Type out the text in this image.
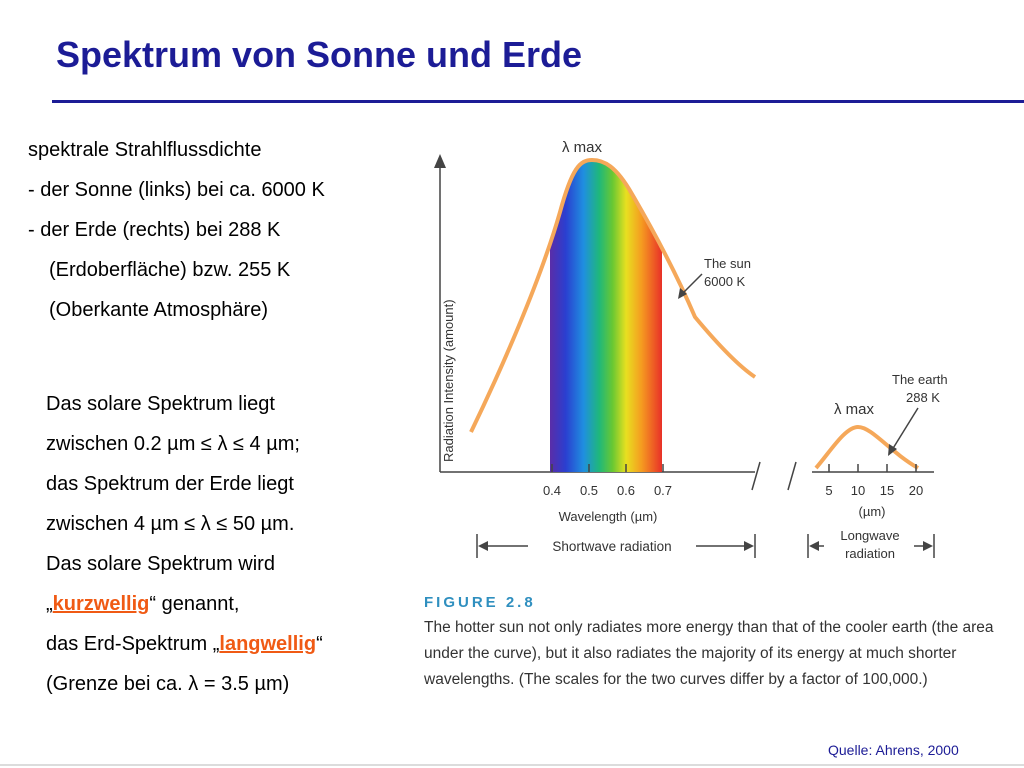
Spektrum von Sonne und Erde
spektrale Strahlflussdichte
- der Sonne (links) bei ca. 6000 K
- der Erde (rechts) bei 288 K
(Erdoberfläche) bzw. 255 K
(Oberkante Atmosphäre)
Das solare Spektrum liegt
zwischen 0.2 µm ≤ λ ≤ 4 µm;
das Spektrum der Erde liegt
zwischen 4 µm ≤ λ ≤ 50 µm.
Das solare Spektrum wird
„kurzwellig“ genannt,
das Erd-Spektrum „langwellig“
(Grenze bei ca. λ = 3.5 µm)
Radiation Intensity (amount)
λ max
The sun
6000 K
The earth
288 K
λ max
0.4 0.5 0.6 0.7
Wavelength (µm)
5 10 15 20
(µm)
Shortwave radiation
Longwave
radiation
FIGURE 2.8
The hotter sun not only radiates more energy than that of the cooler earth (the area under the curve), but it also radiates the majority of its energy at much shorter wavelengths. (The scales for the two curves differ by a factor of 100,000.)
Quelle: Ahrens, 2000
